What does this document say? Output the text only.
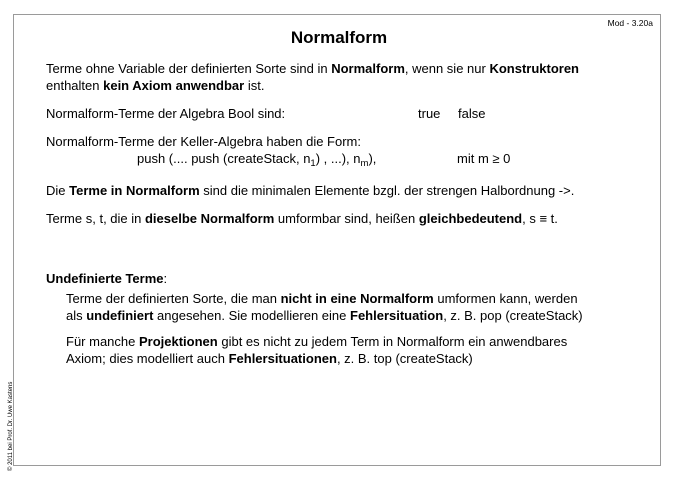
Mod - 3.20a
Normalform
Terme ohne Variable der definierten Sorte sind in Normalform, wenn sie nur Konstruktoren
enthalten kein Axiom anwendbar ist.
Normalform-Terme der Algebra Bool sind:	true false
Normalform-Terme der Keller-Algebra haben die Form:
push (.... push (createStack, $n_1$) , ...), $n_m$),	mit m ≥ 0
Die Terme in Normalform sind die minimalen Elemente bzgl. der strengen Halbordnung ->.
Terme s, t, die in dieselbe Normalform umformbar sind, heißen gleichbedeutend, s ≡ t.
Undefinierte Terme:
Terme der definierten Sorte, die man nicht in eine Normalform umformen kann, werden
als undefiniert angesehen. Sie modellieren eine Fehlersituation, z. B. pop (createStack)
Für manche Projektionen gibt es nicht zu jedem Term in Normalform ein anwendbares
Axiom; dies modelliert auch Fehlersituationen, z. B. top (createStack)
© 2011 bei Prof. Dr. Uwe Kastens
